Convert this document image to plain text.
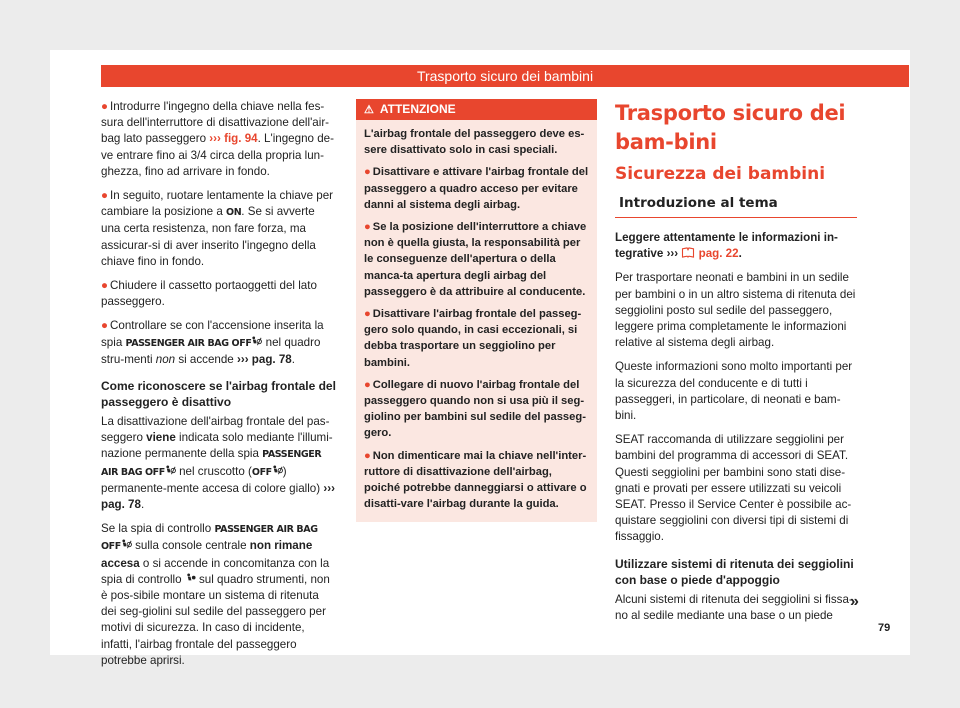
Trasporto sicuro dei bambini

● Introdurre l'ingegno della chiave nella fes-sura dell'interruttore di disattivazione dell'air-bag lato passeggero ››› fig. 94. L'ingegno de-ve entrare fino ai 3/4 circa della propria lun-ghezza, fino ad arrivare in fondo.

● In seguito, ruotare lentamente la chiave per cambiare la posizione a ON. Se si avverte una certa resistenza, non fare forza, ma assicurar-si di aver inserito l'ingegno della chiave fino in fondo.

● Chiudere il cassetto portaoggetti del lato passeggero.

● Controllare se con l'accensione inserita la spia PASSENGER AIR BAG OFF nel quadro stru-menti non si accende ››› pag. 78.

Come riconoscere se l'airbag frontale del passeggero è disattivo

La disattivazione dell'airbag frontale del pas-seggero viene indicata solo mediante l'illumi-nazione permanente della spia PASSENGER AIR BAG OFF nel cruscotto (OFF ) permanente-mente accesa di colore giallo) ››› pag. 78.

Se la spia di controllo PASSENGER AIR BAG OFF sulla console centrale non rimane accesa o si accende in concomitanza con la spia di controllo  sul quadro strumenti, non è pos-sibile montare un sistema di ritenuta dei seg-giolini sul sedile del passeggero per motivi di sicurezza. In caso di incidente, infatti, l'airbag frontale del passeggero potrebbe aprirsi.

⚠ ATTENZIONE

L'airbag frontale del passeggero deve es-sere disattivato solo in casi speciali.

● Disattivare e attivare l'airbag frontale del passeggero a quadro acceso per evitare danni al sistema degli airbag.

● Se la posizione dell'interruttore a chiave non è quella giusta, la responsabilità per le conseguenze dell'apertura o della manca-ta apertura degli airbag del passeggero è da attribuire al conducente.

● Disattivare l'airbag frontale del passeg-gero solo quando, in casi eccezionali, si debba trasportare un seggiolino per bambini.

● Collegare di nuovo l'airbag frontale del passeggero quando non si usa più il seg-giolino per bambini sul sedile del passeg-gero.

● Non dimenticare mai la chiave nell'inter-ruttore di disattivazione dell'airbag, poiché potrebbe danneggiarsi o attivare o disatti-vare l'airbag durante la guida.

Trasporto sicuro dei bam-bini
Sicurezza dei bambini
Introduzione al tema

Leggere attentamente le informazioni in-tegrative ››› pag. 22.

Per trasportare neonati e bambini in un sedile per bambini o in un altro sistema di ritenuta dei seggiolini posto sul sedile del passeggero, leggere prima completamente le informazioni relative al sistema degli airbag.

Queste informazioni sono molto importanti per la sicurezza del conducente e di tutti i passeggeri, in particolare, di neonati e bam-bini.

SEAT raccomanda di utilizzare seggiolini per bambini del programma di accessori di SEAT. Questi seggiolini per bambini sono stati dise-gnati e provati per essere utilizzati su veicoli SEAT. Presso il Service Center è possibile ac-quistare seggiolini con diversi tipi di sistemi di fissaggio.

Utilizzare sistemi di ritenuta dei seggiolini con base o piede d'appoggio

Alcuni sistemi di ritenuta dei seggiolini si fissa-no al sedile mediante una base o un piede

»
79
